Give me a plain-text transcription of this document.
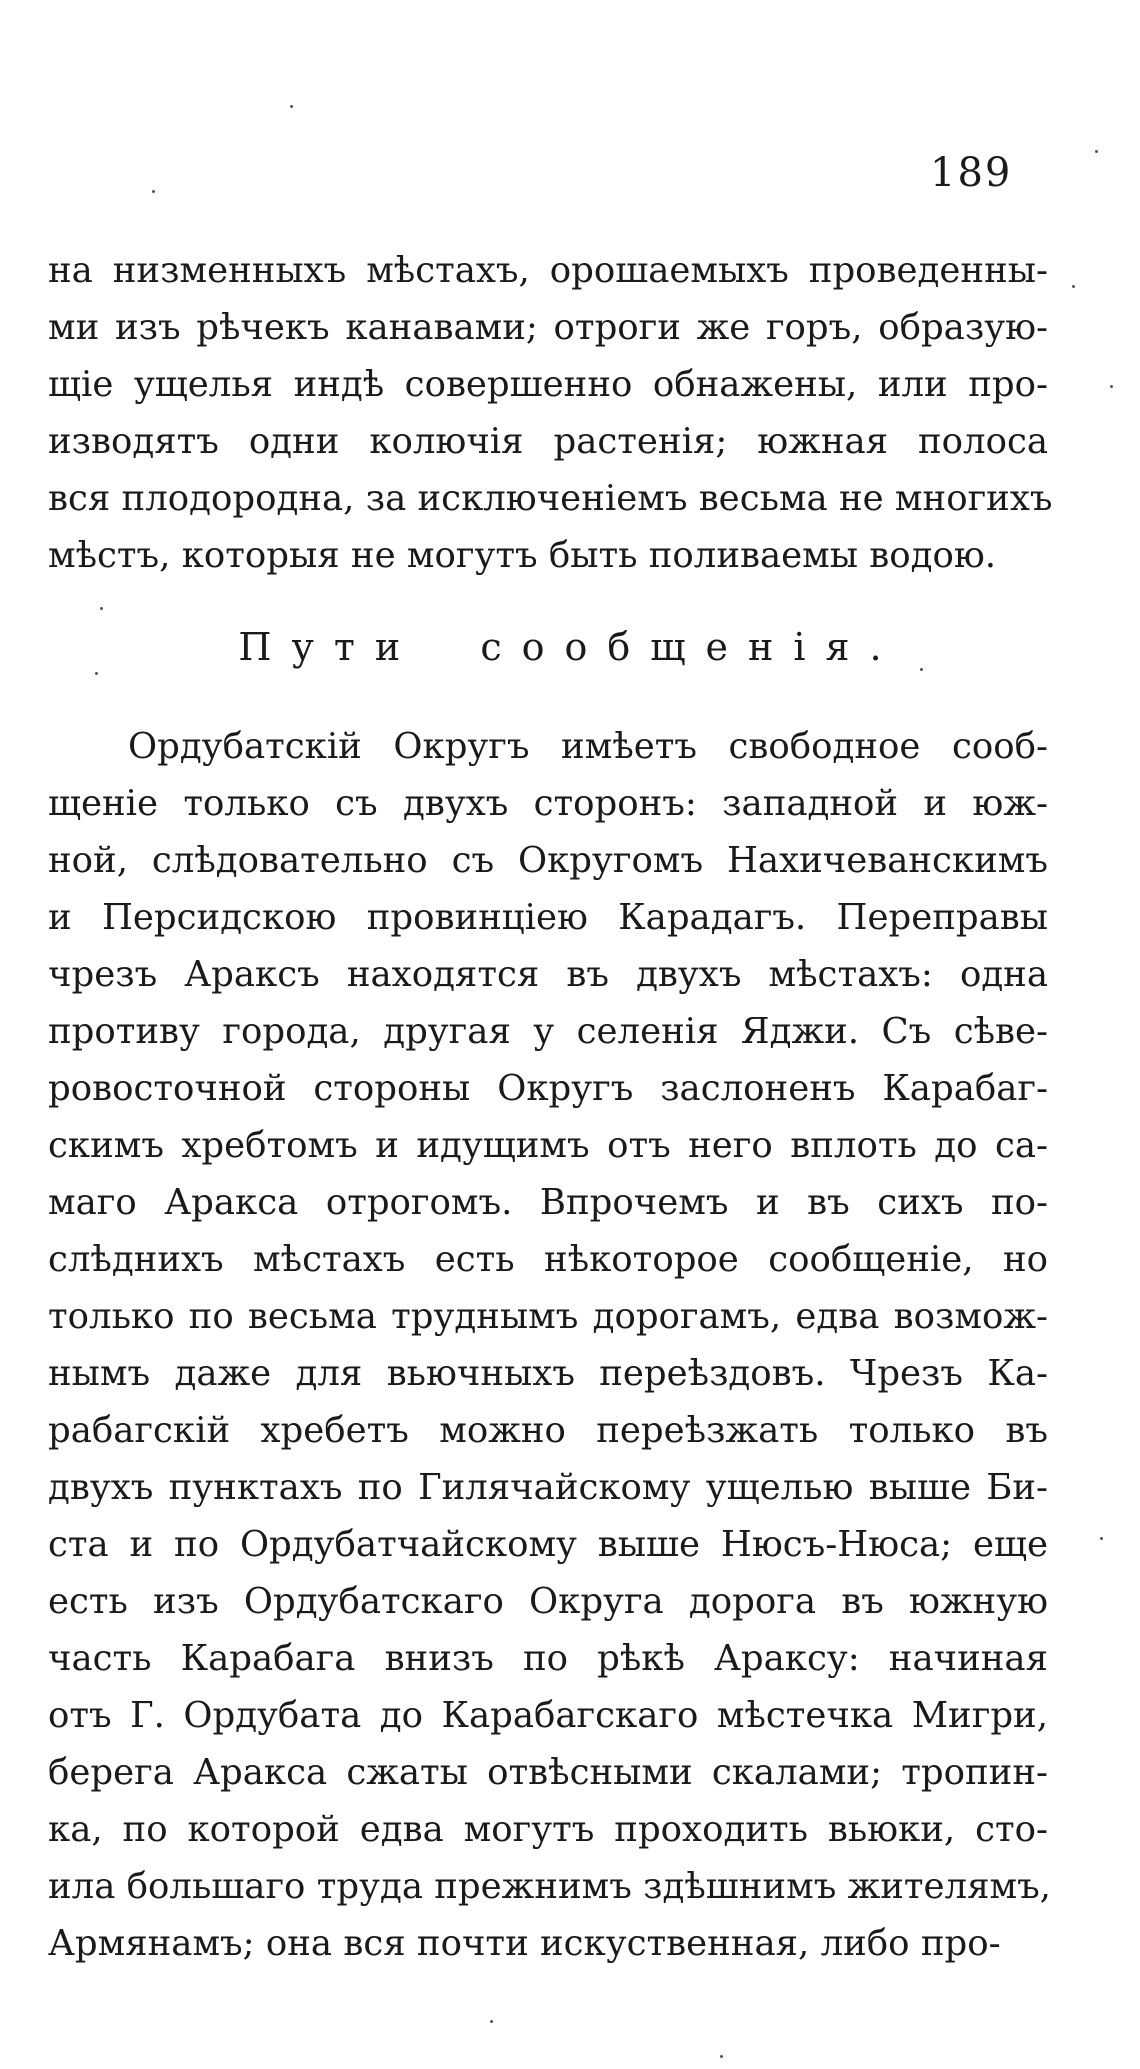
189
на низменныхъ мѣстахъ, орошаемыхъ проведенны-
ми изъ рѣчекъ канавами; отроги же горъ, образую-
щіе ущелья индѣ совершенно обнажены, или про-
изводятъ одни колючія растенія; южная полоса
вся плодородна, за исключеніемъ весьма не многихъ
мѣстъ, которыя не могутъ быть поливаемы водою.
Пути сообщенія.
Ордубатскій Округъ имѣетъ свободное сооб-
щеніе только съ двухъ сторонъ: западной и юж-
ной, слѣдовательно съ Округомъ Нахичеванскимъ
и Персидскою провинціею Карадагъ. Переправы
чрезъ Араксъ находятся въ двухъ мѣстахъ: одна
противу города, другая у селенія Яджи. Съ сѣве-
ровосточной стороны Округъ заслоненъ Карабаг-
скимъ хребтомъ и идущимъ отъ него вплоть до са-
маго Аракса отрогомъ. Впрочемъ и въ сихъ по-
слѣднихъ мѣстахъ есть нѣкоторое сообщеніе, но
только по весьма труднымъ дорогамъ, едва возмож-
нымъ даже для вьючныхъ переѣздовъ. Чрезъ Ка-
рабагскій хребетъ можно переѣзжать только въ
двухъ пунктахъ по Гилячайскому ущелью выше Би-
ста и по Ордубатчайскому выше Нюсъ-Нюса; еще
есть изъ Ордубатскаго Округа дорога въ южную
часть Карабага внизъ по рѣкѣ Араксу: начиная
отъ Г. Ордубата до Карабагскаго мѣстечка Мигри,
берега Аракса сжаты отвѣсными скалами; тропин-
ка, по которой едва могутъ проходить вьюки, сто-
ила большаго труда прежнимъ здѣшнимъ жителямъ,
Армянамъ; она вся почти искуственная, либо про-
